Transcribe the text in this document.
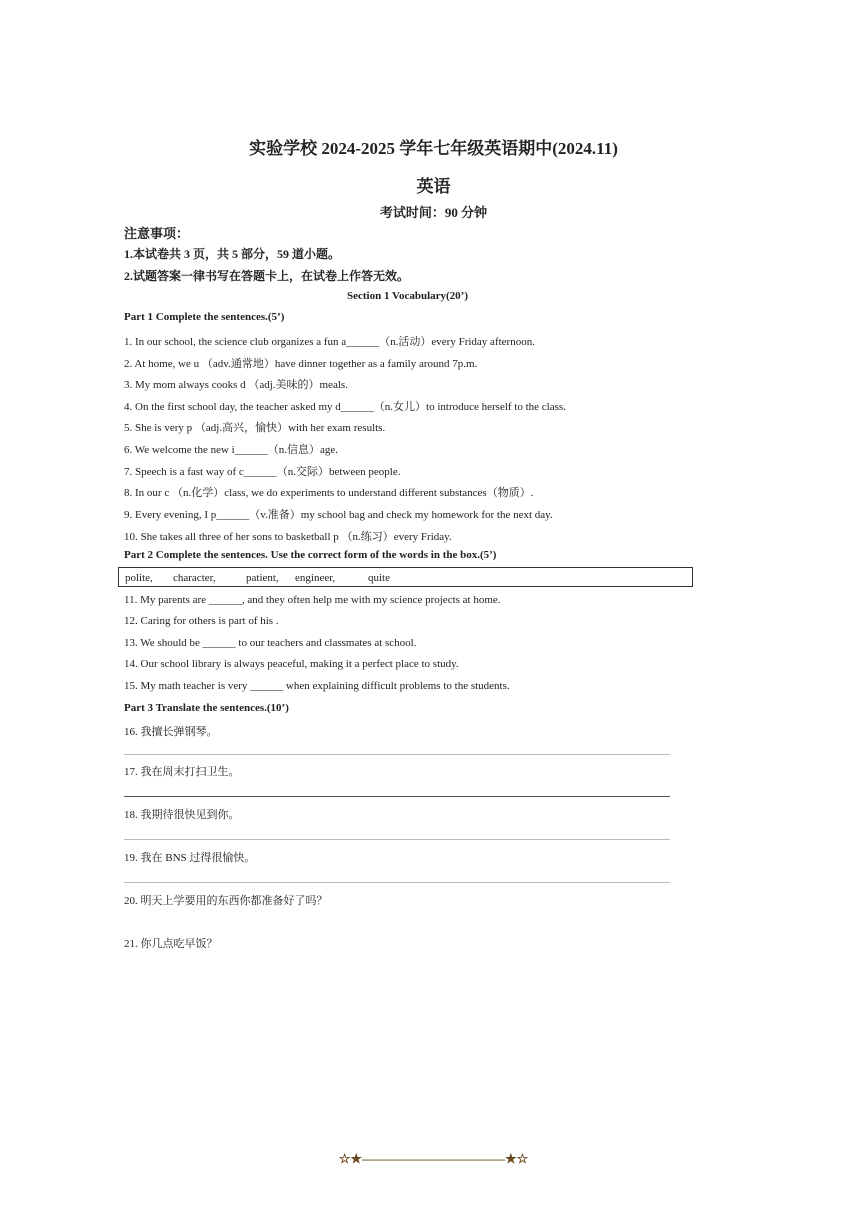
实验学校 2024-2025 学年七年级英语期中(2024.11)
英语
考试时间：90 分钟
注意事项：
1.本试卷共 3 页，共 5 部分，59 道小题。
2.试题答案一律书写在答题卡上，在试卷上作答无效。
Section 1 Vocabulary(20’)
Part 1 Complete the sentences.(5’)
1. In our school, the science club organizes a fun a______（n.活动）every Friday afternoon.
2. At home, we u （adv.通常地）have dinner together as a family around 7p.m.
3. My mom always cooks d （adj.美味的）meals.
4. On the first school day, the teacher asked my d______（n.女儿）to introduce herself to the class.
5. She is very p （adj.高兴，愉快）with her exam results.
6. We welcome the new i______（n.信息）age.
7. Speech is a fast way of c______（n.交际）between people.
8. In our c （n.化学）class, we do experiments to understand different substances（物质）.
9. Every evening, I p______（v.准备）my school bag and check my homework for the next day.
10. She takes all three of her sons to basketball p （n.练习）every Friday.
Part 2 Complete the sentences. Use the correct form of the words in the box.(5’)
polite, character,	patient, engineer,	quite
11. My parents are ______, and they often help me with my science projects at home.
12. Caring for others is part of his .
13. We should be ______ to our teachers and classmates at school.
14. Our school library is always peaceful, making it a perfect place to study.
15. My math teacher is very ______ when explaining difficult problems to the students.
Part 3 Translate the sentences.(10’)
16. 我擅长弹钢琴。
17. 我在周末打扫卫生。
18. 我期待很快见到你。
19. 我在 BNS 过得很愉快。
20. 明天上学要用的东西你都准备好了吗？
21. 你几点吃早饭？
☆★———————————★☆
